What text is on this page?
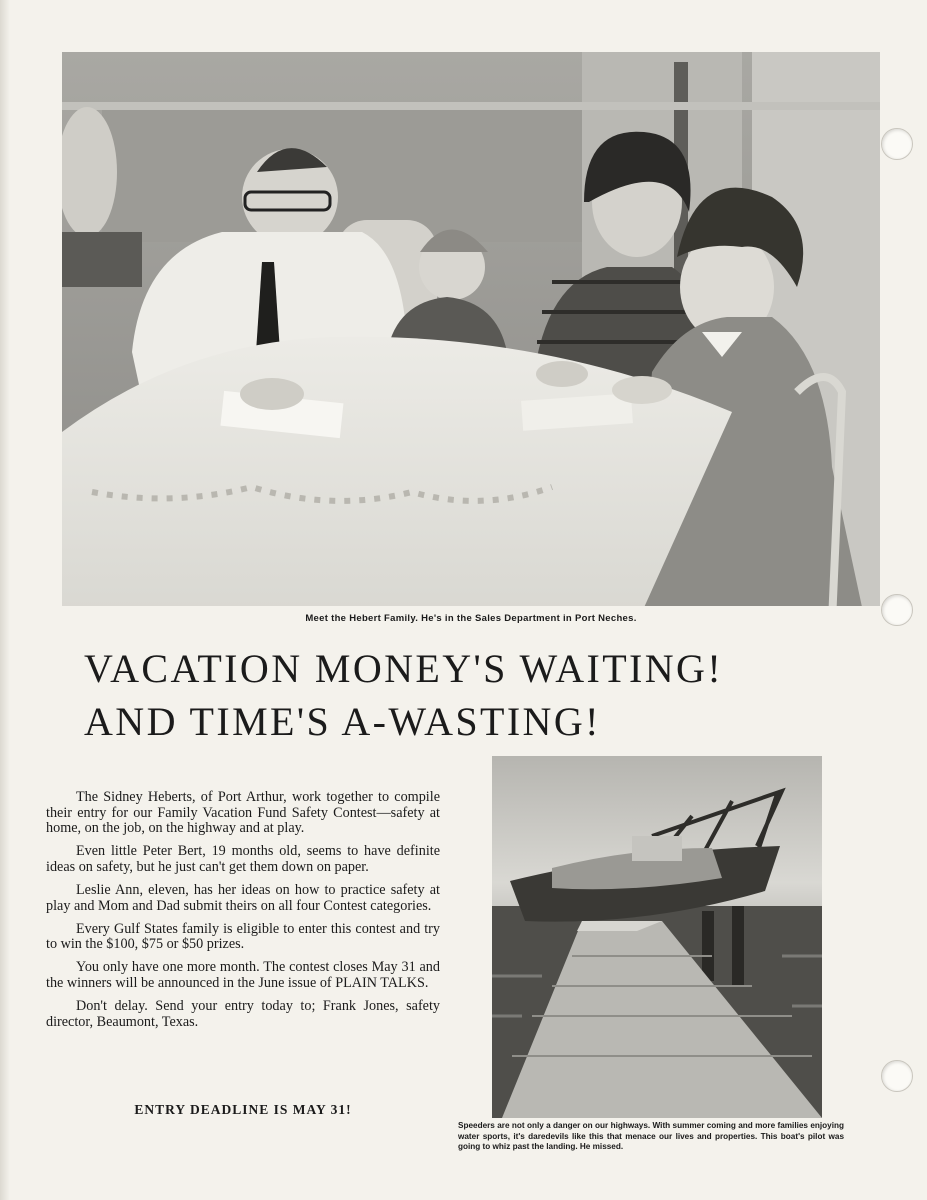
Meet the Hebert Family. He's in the Sales Department in Port Neches.
VACATION MONEY'S WAITING!
AND TIME'S A-WASTING!

The Sidney Heberts, of Port Arthur, work together to compile their entry for our Family Vacation Fund Safety Contest—safety at home, on the job, on the highway and at play.

Even little Peter Bert, 19 months old, seems to have definite ideas on safety, but he just can't get them down on paper.

Leslie Ann, eleven, has her ideas on how to practice safety at play and Mom and Dad submit theirs on all four Contest categories.

Every Gulf States family is eligible to enter this contest and try to win the $100, $75 or $50 prizes.

You only have one more month. The contest closes May 31 and the winners will be announced in the June issue of PLAIN TALKS.

Don't delay. Send your entry today to; Frank Jones, safety director, Beaumont, Texas.

ENTRY DEADLINE IS MAY 31!
Speeders are not only a danger on our highways. With summer coming and more families enjoying water sports, it's daredevils like this that menace our lives and properties. This boat's pilot was going to whiz past the landing. He missed.
